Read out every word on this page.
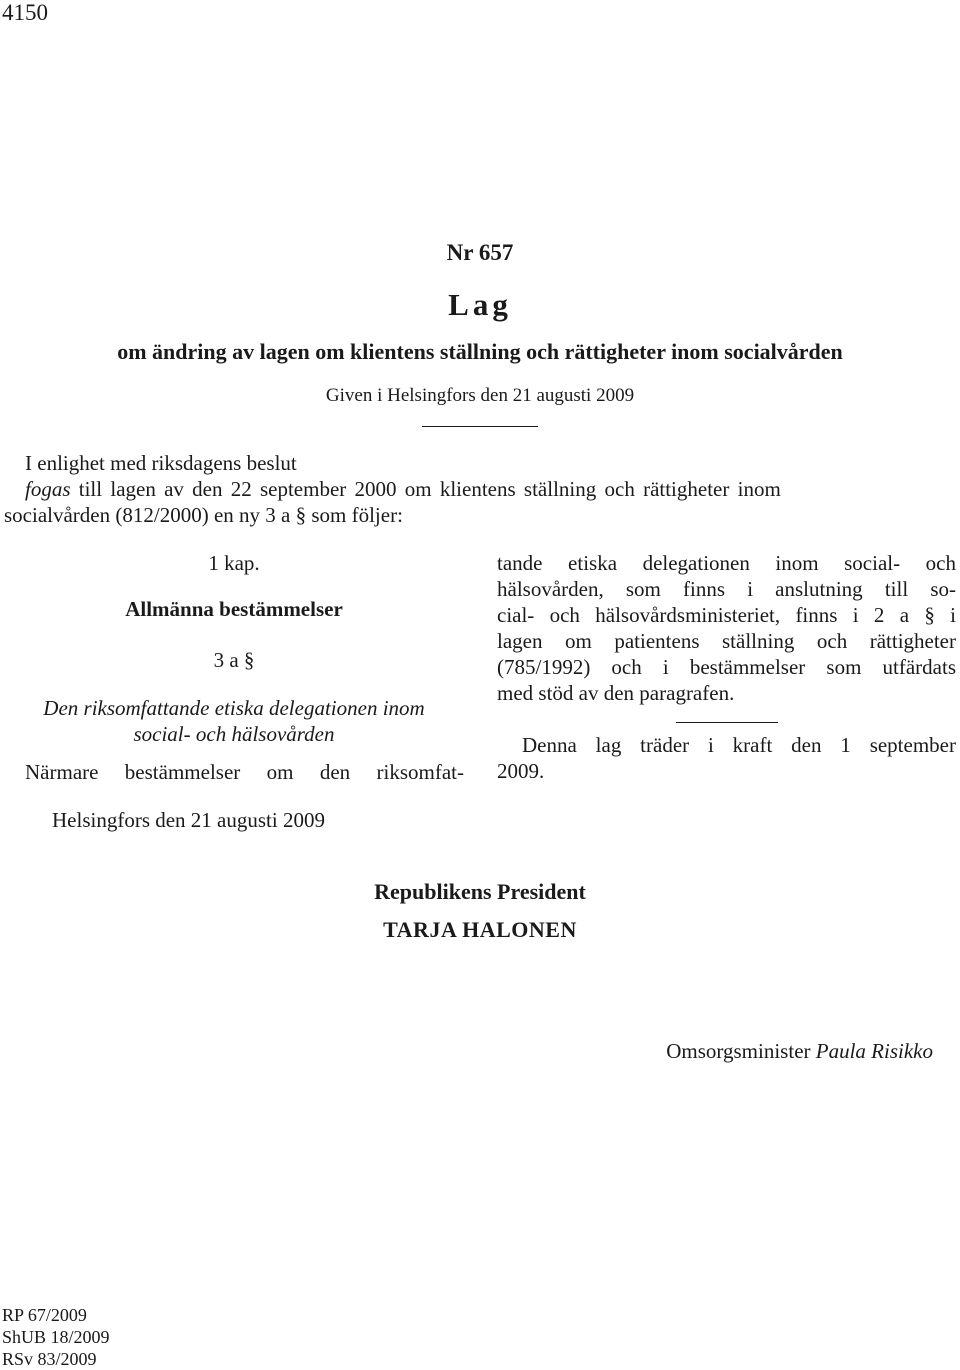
4150
Nr 657
Lag
om ändring av lagen om klientens ställning och rättigheter inom socialvården
Given i Helsingfors den 21 augusti 2009
I enlighet med riksdagens beslut
fogas till lagen av den 22 september 2000 om klientens ställning och rättigheter inom
socialvården (812/2000) en ny 3 a § som följer:
1 kap.
Allmänna bestämmelser
3 a §
Den riksomfattande etiska delegationen inom
social- och hälsovården
Närmare bestämmelser om den riksomfat-
tande etiska delegationen inom social- och
hälsovården, som finns i anslutning till so-
cial- och hälsovårdsministeriet, finns i 2 a § i
lagen om patientens ställning och rättigheter
(785/1992) och i bestämmelser som utfärdats
med stöd av den paragrafen.
Denna lag träder i kraft den 1 september
2009.
Helsingfors den 21 augusti 2009
Republikens President
TARJA HALONEN
Omsorgsminister Paula Risikko
RP 67/2009
ShUB 18/2009
RSv 83/2009
